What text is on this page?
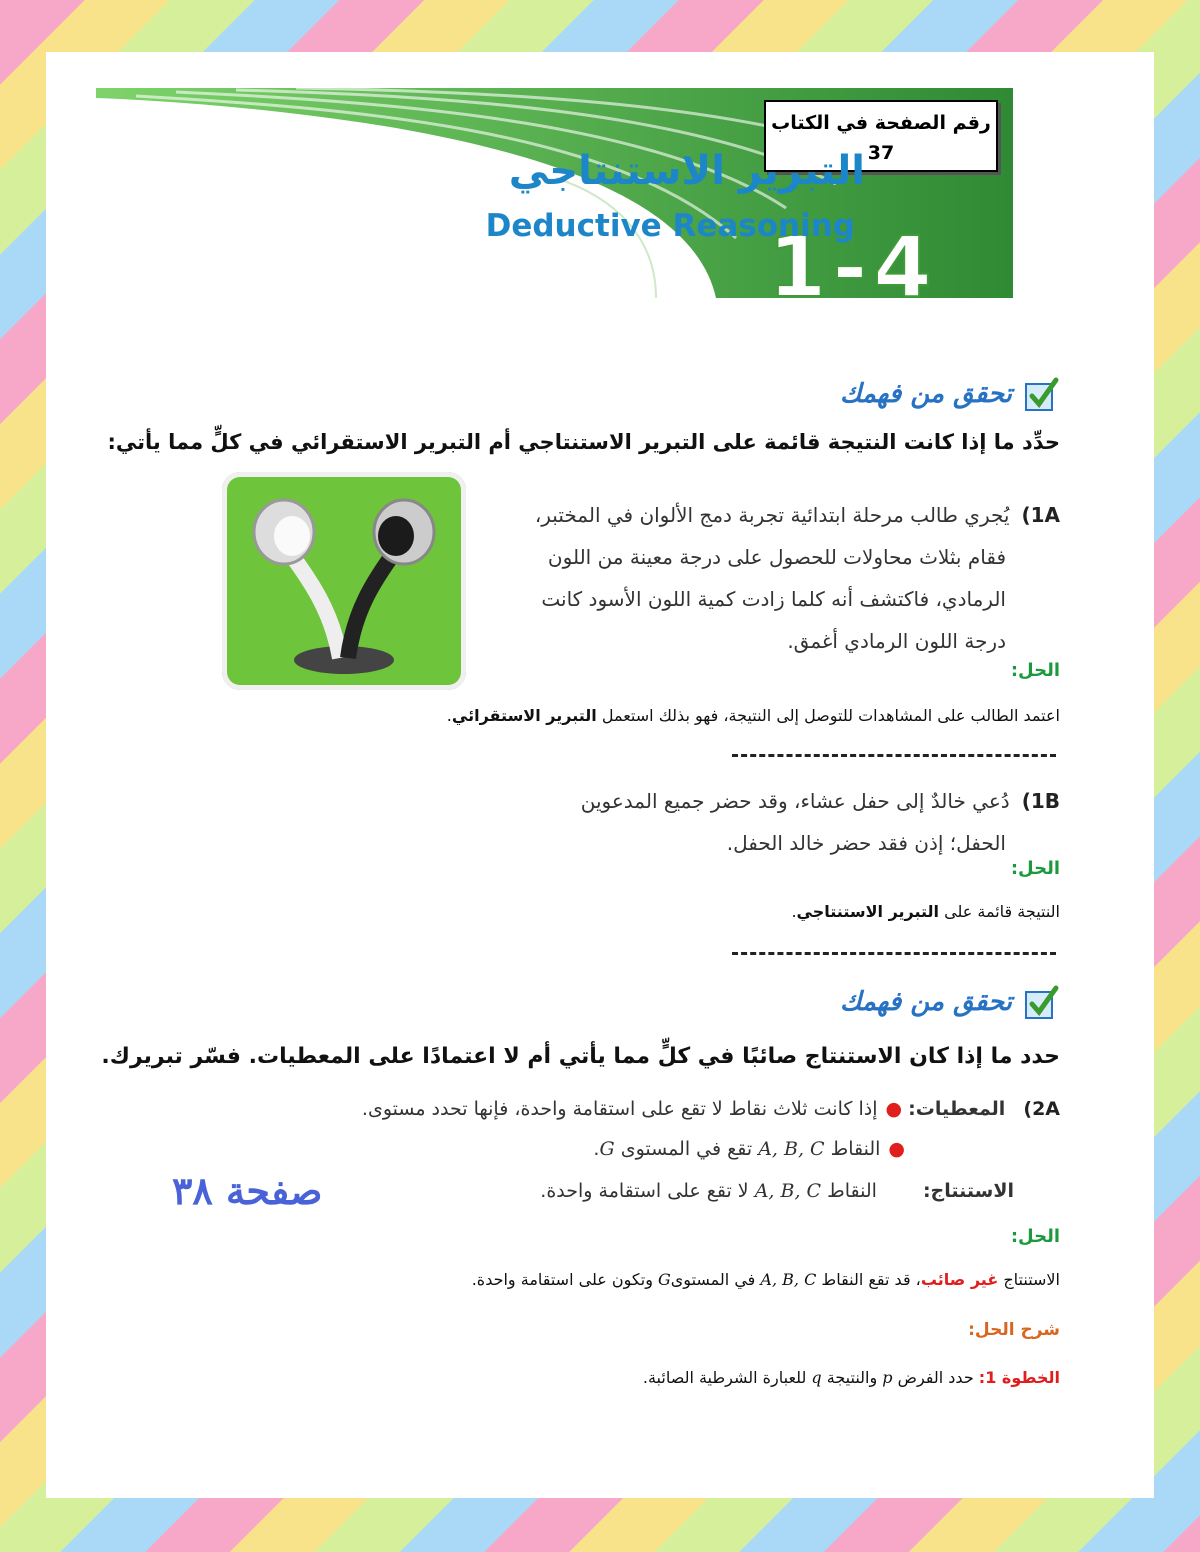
رقم الصفحة في الكتاب
37
1-4
التبرير الاستنتاجي
Deductive Reasoning
تحقق من فهمك
حدِّد ما إذا كانت النتيجة قائمة على التبرير الاستنتاجي أم التبرير الاستقرائي في كلٍّ مما يأتي:
1A)يُجري طالب مرحلة ابتدائية تجربة دمج الألوان في المختبر،
فقام بثلاث محاولات للحصول على درجة معينة من اللون
الرمادي، فاكتشف أنه كلما زادت كمية اللون الأسود كانت
درجة اللون الرمادي أغمق.
الحل:
اعتمد الطالب على المشاهدات للتوصل إلى النتيجة، فهو بذلك استعمل التبرير الاستقرائي.
1B)دُعي خالدٌ إلى حفل عشاء، وقد حضر جميع المدعوين
الحفل؛ إذن فقد حضر خالد الحفل.
الحل:
النتيجة قائمة على التبرير الاستنتاجي.
تحقق من فهمك
حدد ما إذا كان الاستنتاج صائبًا في كلٍّ مما يأتي أم لا اعتمادًا على المعطيات. فسّر تبريرك.
2A) المعطيات: ●إذا كانت ثلاث نقاط لا تقع على استقامة واحدة، فإنها تحدد مستوى.
●النقاط A, B, C تقع في المستوى G.
الاستنتاج: النقاط A, B, C لا تقع على استقامة واحدة.
صفحة ٣٨
الحل:
الاستنتاج غير صائب، قد تقع النقاط A, B, C في المستوىG وتكون على استقامة واحدة.
شرح الحل:
الخطوة 1: حدد الفرض p والنتيجة q للعبارة الشرطية الصائبة.
